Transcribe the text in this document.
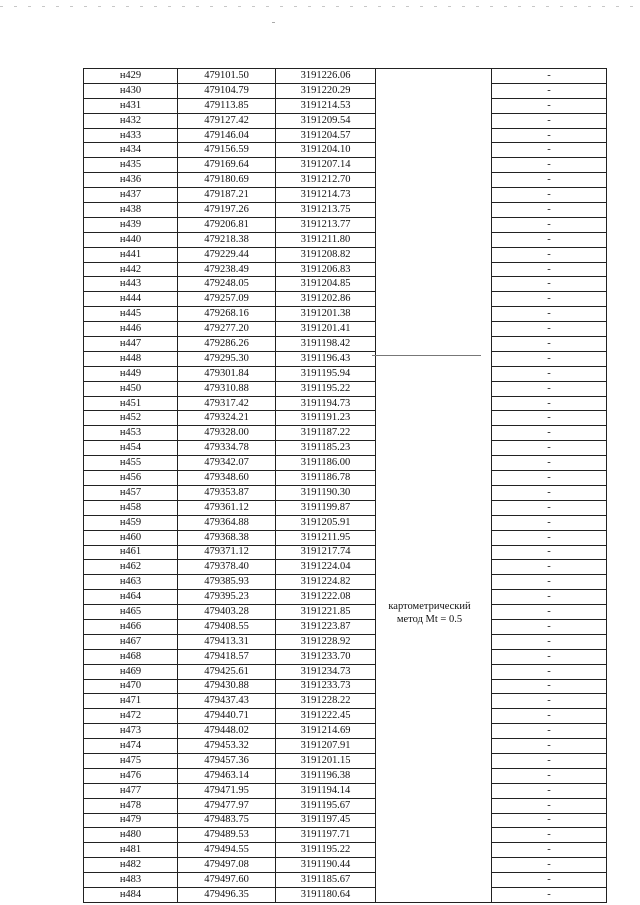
н429	479101.50	3191226.06		-
н430	479104.79	3191220.29		-
н431	479113.85	3191214.53		-
н432	479127.42	3191209.54		-
н433	479146.04	3191204.57		-
н434	479156.59	3191204.10		-
н435	479169.64	3191207.14		-
н436	479180.69	3191212.70		-
н437	479187.21	3191214.73		-
н438	479197.26	3191213.75		-
н439	479206.81	3191213.77		-
н440	479218.38	3191211.80		-
н441	479229.44	3191208.82		-
н442	479238.49	3191206.83		-
н443	479248.05	3191204.85		-
н444	479257.09	3191202.86		-
н445	479268.16	3191201.38		-
н446	479277.20	3191201.41		-
н447	479286.26	3191198.42		-
н448	479295.30	3191196.43		-
н449	479301.84	3191195.94		-
н450	479310.88	3191195.22		-
н451	479317.42	3191194.73		-
н452	479324.21	3191191.23		-
н453	479328.00	3191187.22		-
н454	479334.78	3191185.23		-
н455	479342.07	3191186.00		-
н456	479348.60	3191186.78		-
н457	479353.87	3191190.30		-
н458	479361.12	3191199.87		-
н459	479364.88	3191205.91		-
н460	479368.38	3191211.95		-
н461	479371.12	3191217.74		-
н462	479378.40	3191224.04		-
н463	479385.93	3191224.82		-
н464	479395.23	3191222.08		-
н465	479403.28	3191221.85		-
н466	479408.55	3191223.87		-
н467	479413.31	3191228.92		-
н468	479418.57	3191233.70		-
н469	479425.61	3191234.73		-
н470	479430.88	3191233.73		-
н471	479437.43	3191228.22		-
н472	479440.71	3191222.45		-
н473	479448.02	3191214.69		-
н474	479453.32	3191207.91		-
н475	479457.36	3191201.15		-
н476	479463.14	3191196.38		-
н477	479471.95	3191194.14		-
н478	479477.97	3191195.67		-
н479	479483.75	3191197.45		-
н480	479489.53	3191197.71		-
н481	479494.55	3191195.22		-
н482	479497.08	3191190.44		-
н483	479497.60	3191185.67		-
н484	479496.35	3191180.64		-
картометрический
метод Mt = 0.5
